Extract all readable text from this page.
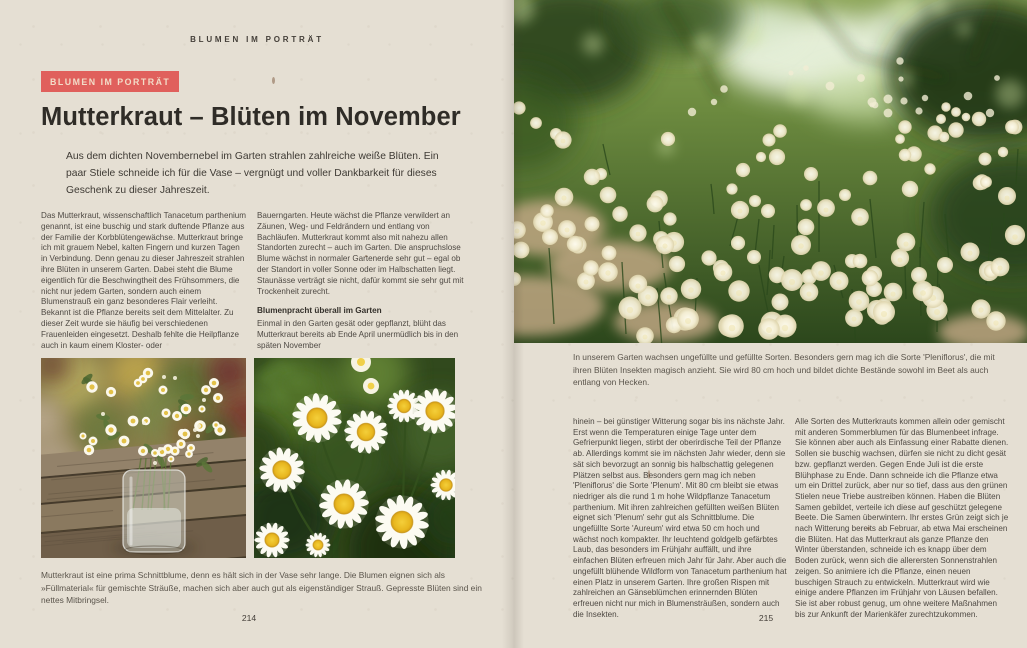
BLUMEN IM PORTRÄT
BLUMEN IM PORTRÄT
Mutterkraut – Blüten im November
Aus dem dichten Novembernebel im Garten strahlen zahlreiche weiße Blüten. Ein paar Stiele schneide ich für die Vase – vergnügt und voller Dankbarkeit für dieses Geschenk zu dieser Jahreszeit.

Das Mutterkraut, wissenschaftlich Tanacetum parthenium genannt, ist eine buschig und stark duftende Pflanze aus der Familie der Korbblütengewächse. Mutterkraut bringe ich mit grauem Nebel, kalten Fingern und kurzen Tagen in Verbindung. Denn genau zu dieser Jahreszeit strahlen ihre Blüten in unserem Garten. Dabei steht die Blume eigentlich für die Beschwingtheit des Frühsommers, die nicht nur jedem Garten, sondern auch einem Blumenstrauß ein ganz besonderes Flair verleiht.

Bekannt ist die Pflanze bereits seit dem Mittelalter. Zu dieser Zeit wurde sie häufig bei verschiedenen Frauenleiden eingesetzt. Deshalb fehlte die Heilpflanze auch in kaum einem Kloster- oder

Bauerngarten. Heute wächst die Pflanze verwildert an Zäunen, Weg- und Feldrändern und entlang von Bachläufen. Mutterkraut kommt also mit nahezu allen Standorten zurecht – auch im Garten. Die anspruchslose Blume wächst in normaler Gartenerde sehr gut – egal ob der Standort in voller Sonne oder im Halbschatten liegt. Staunässe verträgt sie nicht, dafür kommt sie sehr gut mit Trockenheit zurecht.

Blumenpracht überall im Garten

Einmal in den Garten gesät oder gepflanzt, blüht das Mutterkraut bereits ab Ende April unermüdlich bis in den späten November

Mutterkraut ist eine prima Schnittblume, denn es hält sich in der Vase sehr lange. Die Blumen eignen sich als »Füllmaterial« für gemischte Sträuße, machen sich aber auch gut als eigenständiger Strauß. Gepresste Blüten sind ein nettes Mitbringsel.
214
In unserem Garten wachsen ungefüllte und gefüllte Sorten. Besonders gern mag ich die Sorte 'Pleniflorus', die mit ihren Blüten Insekten magisch anzieht. Sie wird 80 cm hoch und bildet dichte Bestände sowohl im Beet als auch entlang von Hecken.

hinein – bei günstiger Witterung sogar bis ins nächste Jahr. Erst wenn die Temperaturen einige Tage unter dem Gefrierpunkt liegen, stirbt der oberirdische Teil der Pflanze ab. Allerdings kommt sie im nächsten Jahr wieder, denn sie sät sich bevorzugt an sonnig bis halbschattig gelegenen Plätzen selbst aus. Besonders gern mag ich neben 'Pleniflorus' die Sorte 'Plenum'. Mit 80 cm bleibt sie etwas niedriger als die rund 1 m hohe Wildpflanze Tanacetum parthenium. Mit ihren zahlreichen gefüllten weißen Blüten eignet sich 'Plenum' sehr gut als Schnittblume. Die ungefüllte Sorte 'Aureum' wird etwa 50 cm hoch und wächst noch kompakter. Ihr leuchtend goldgelb gefärbtes Laub, das besonders im Frühjahr auffällt, und ihre einfachen Blüten erfreuen mich Jahr für Jahr. Aber auch die ungefüllt blühende Wildform von Tanacetum parthenium hat einen Platz in unserem Garten. Ihre großen Rispen mit zahlreichen an Gänseblümchen erinnernden Blüten erfreuen nicht nur mich in Blumensträußen, sondern auch die Insekten.

Alle Sorten des Mutterkrauts kommen allein oder gemischt mit anderen Sommerblumen für das Blumenbeet infrage. Sie können aber auch als Einfassung einer Rabatte dienen. Sollen sie buschig wachsen, dürfen sie nicht zu dicht gesät bzw. gepflanzt werden. Gegen Ende Juli ist die erste Blühphase zu Ende. Dann schneide ich die Pflanze etwa um ein Drittel zurück, aber nur so tief, dass aus den grünen Stielen neue Triebe austreiben können. Haben die Blüten Samen gebildet, verteile ich diese auf geschützt gelegene Beete. Die Samen überwintern. Ihr erstes Grün zeigt sich je nach Witterung bereits ab Februar, ab etwa Mai erscheinen die Blüten. Hat das Mutterkraut als ganze Pflanze den Winter überstanden, schneide ich es knapp über dem Boden zurück, wenn sich die allerersten Sonnenstrahlen zeigen. So animiere ich die Pflanze, einen neuen buschigen Strauch zu entwickeln. Mutterkraut wird wie einige andere Pflanzen im Frühjahr von Läusen befallen. Sie ist aber robust genug, um ohne weitere Maßnahmen bis zur Ankunft der Marienkäfer zurechtzukommen.

215
